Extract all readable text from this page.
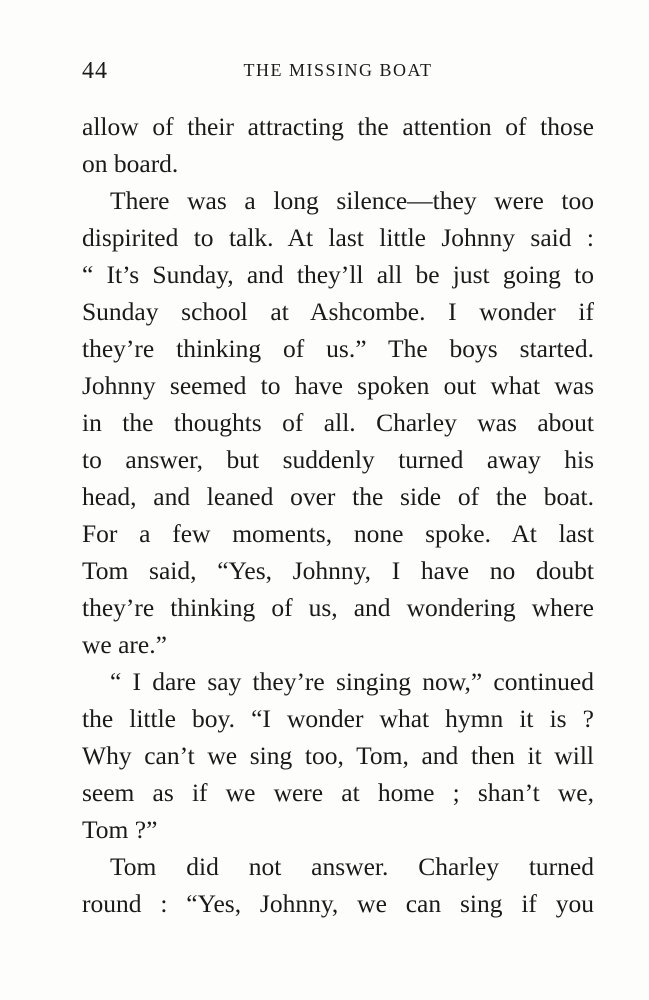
44	THE MISSING BOAT
allow of their attracting the attention of those
on board.
There was a long silence—they were too
dispirited to talk. At last little Johnny said :
“ It’s Sunday, and they’ll all be just going to
Sunday school at Ashcombe. I wonder if
they’re thinking of us.” The boys started.
Johnny seemed to have spoken out what was
in the thoughts of all. Charley was about
to answer, but suddenly turned away his
head, and leaned over the side of the boat.
For a few moments, none spoke. At last
Tom said, “Yes, Johnny, I have no doubt
they’re thinking of us, and wondering where
we are.”
“ I dare say they’re singing now,” continued
the little boy. “I wonder what hymn it is ?
Why can’t we sing too, Tom, and then it will
seem as if we were at home ; shan’t we,
Tom ?”
Tom did not answer. Charley turned
round : “Yes, Johnny, we can sing if you
